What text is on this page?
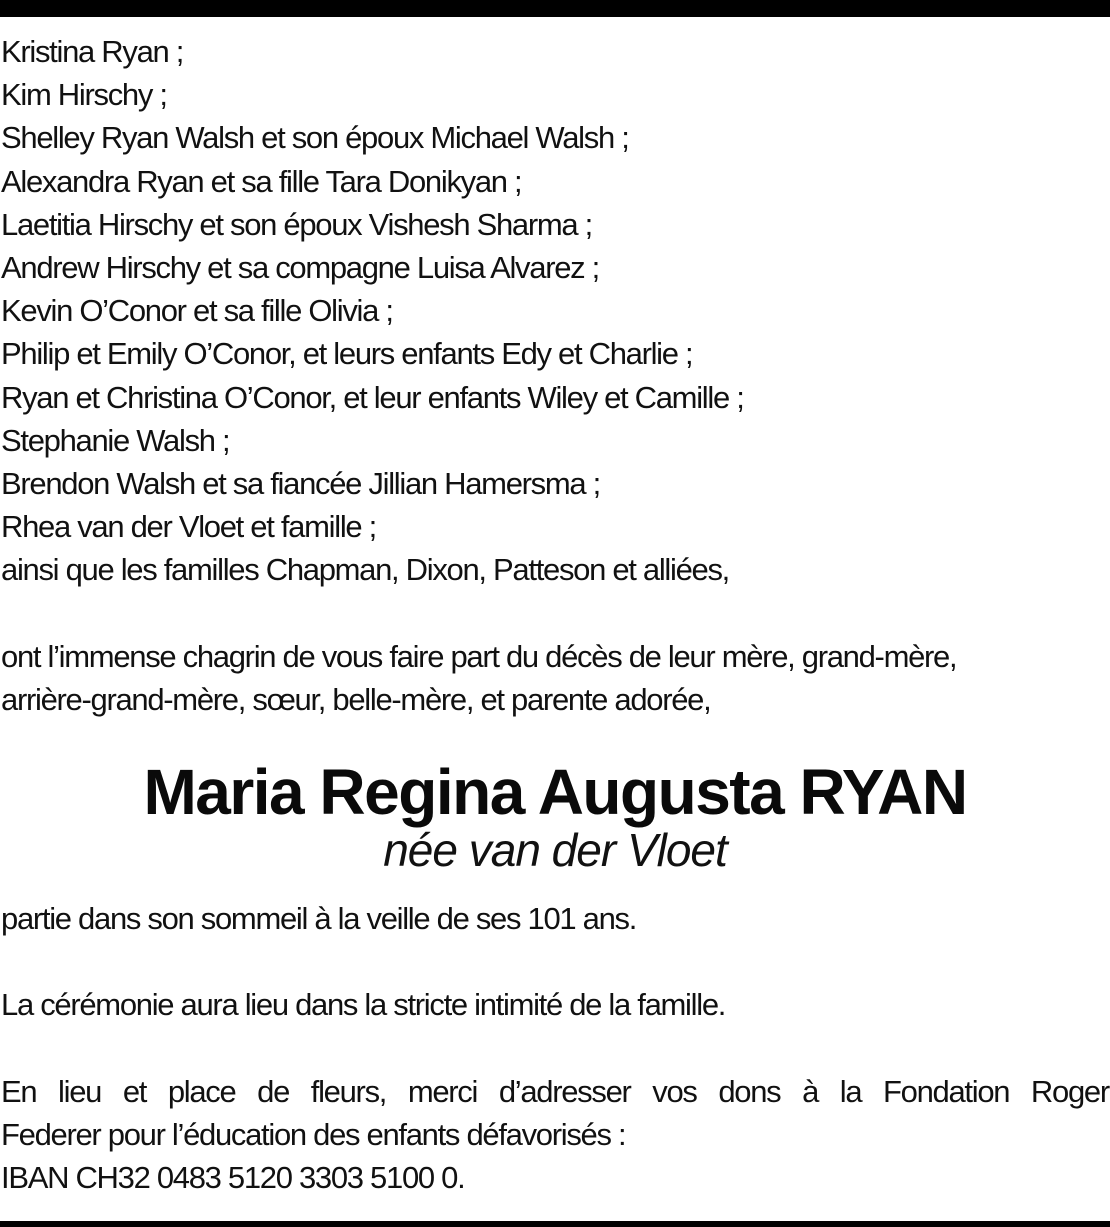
Kristina Ryan ;
Kim Hirschy ;
Shelley Ryan Walsh et son époux Michael Walsh ;
Alexandra Ryan et sa fille Tara Donikyan ;
Laetitia Hirschy et son époux Vishesh Sharma ;
Andrew Hirschy et sa compagne Luisa Alvarez ;
Kevin O’Conor et sa fille Olivia ;
Philip et Emily O’Conor, et leurs enfants Edy et Charlie ;
Ryan et Christina O’Conor, et leur enfants Wiley et Camille ;
Stephanie Walsh ;
Brendon Walsh et sa fiancée Jillian Hamersma ;
Rhea van der Vloet et famille ;
ainsi que les familles Chapman, Dixon, Patteson et alliées,
ont l’immense chagrin de vous faire part du décès de leur mère, grand-mère,
arrière-grand-mère, sœur, belle-mère, et parente adorée,
Maria Regina Augusta RYAN
née van der Vloet
partie dans son sommeil à la veille de ses 101 ans.
La cérémonie aura lieu dans la stricte intimité de la famille.
En lieu et place de fleurs, merci d’adresser vos dons à la Fondation Roger
Federer pour l’éducation des enfants défavorisés :
IBAN CH32 0483 5120 3303 5100 0.
